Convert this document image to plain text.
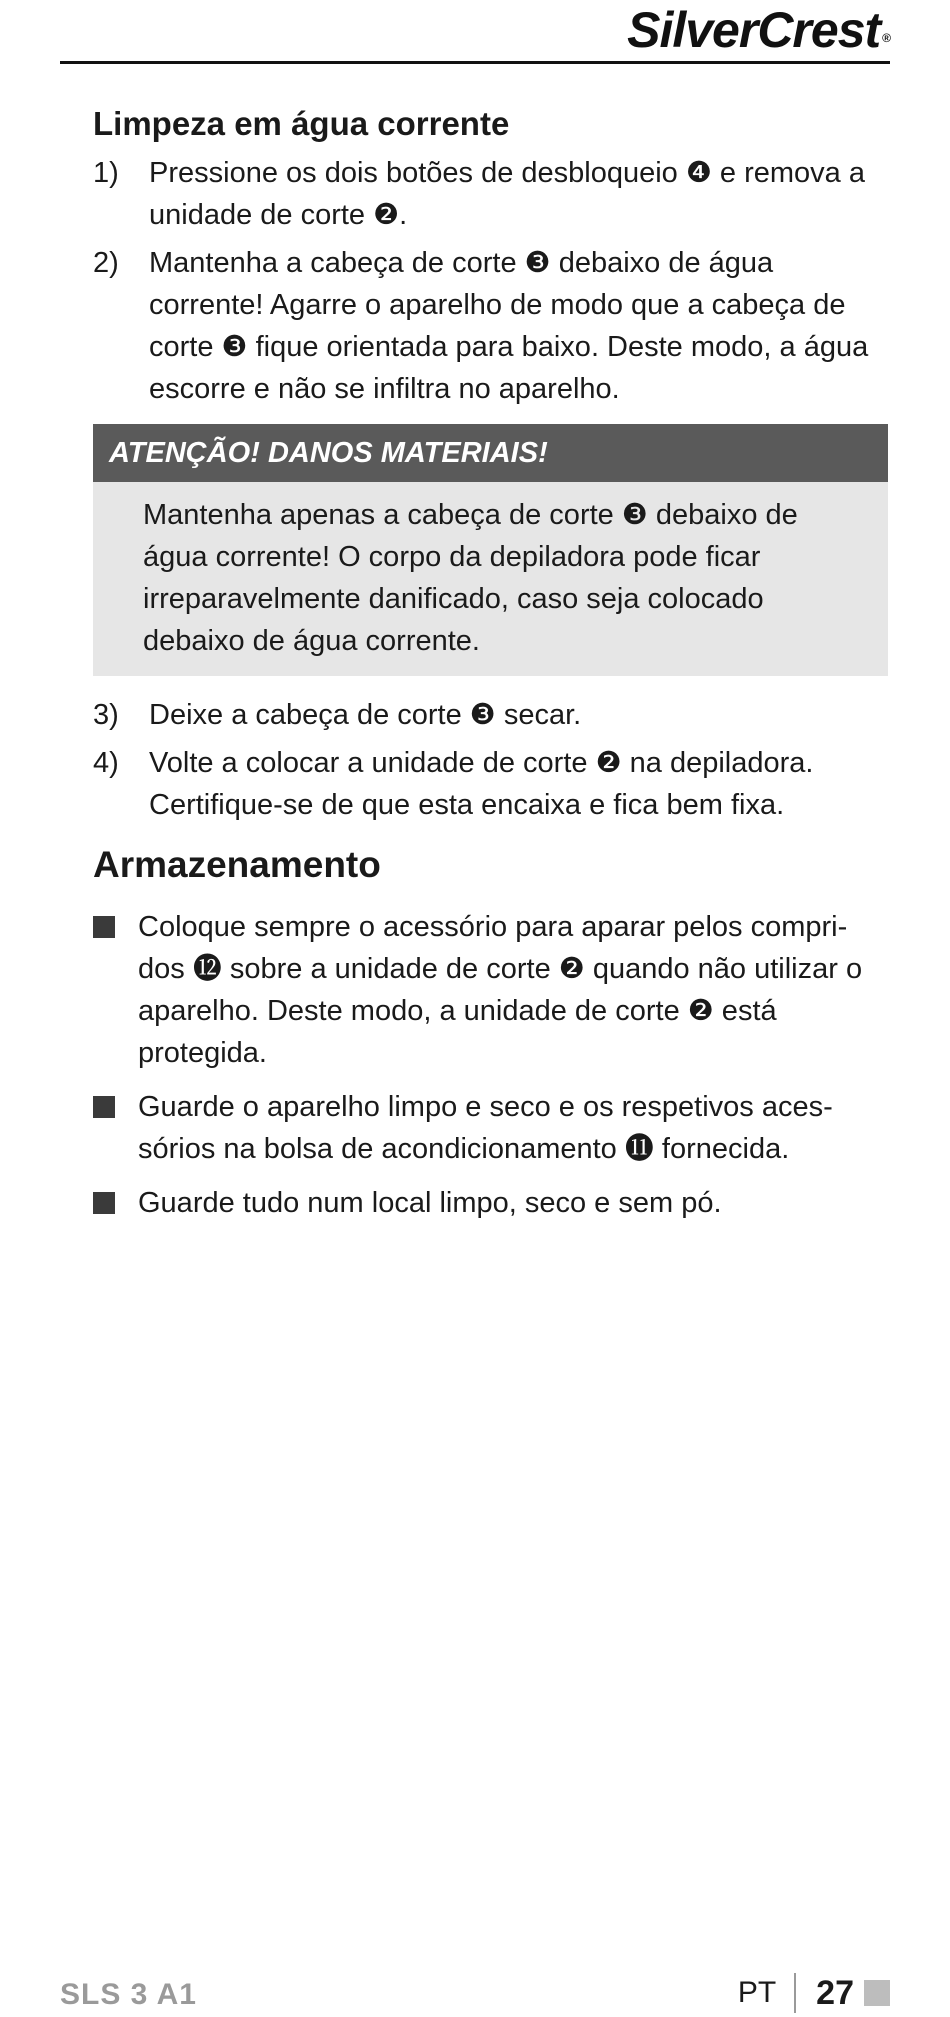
SilverCrest ®
Limpeza em água corrente
1) Pressione os dois botões de desbloqueio ❹ e remova a unidade de corte ❷.
2) Mantenha a cabeça de corte ❸ debaixo de água corrente! Agarre o aparelho de modo que a cabeça de corte ❸ fique orientada para baixo. Deste modo, a água escorre e não se infiltra no aparelho.
ATENÇÃO! DANOS MATERIAIS!
Mantenha apenas a cabeça de corte ❸ debaixo de água corrente! O corpo da depiladora pode ficar irreparavelmente danificado, caso seja colocado debaixo de água corrente.
3) Deixe a cabeça de corte ❸ secar.
4) Volte a colocar a unidade de corte ❷ na depiladora. Certifique-se de que esta encaixa e fica bem fixa.
Armazenamento
Coloque sempre o acessório para aparar pelos compri-dos ⓬ sobre a unidade de corte ❷ quando não utilizar o aparelho. Deste modo, a unidade de corte ❷ está protegida.
Guarde o aparelho limpo e seco e os respetivos aces-sórios na bolsa de acondicionamento ⓫ fornecida.
Guarde tudo num local limpo, seco e sem pó.
SLS 3 A1	PT 27
